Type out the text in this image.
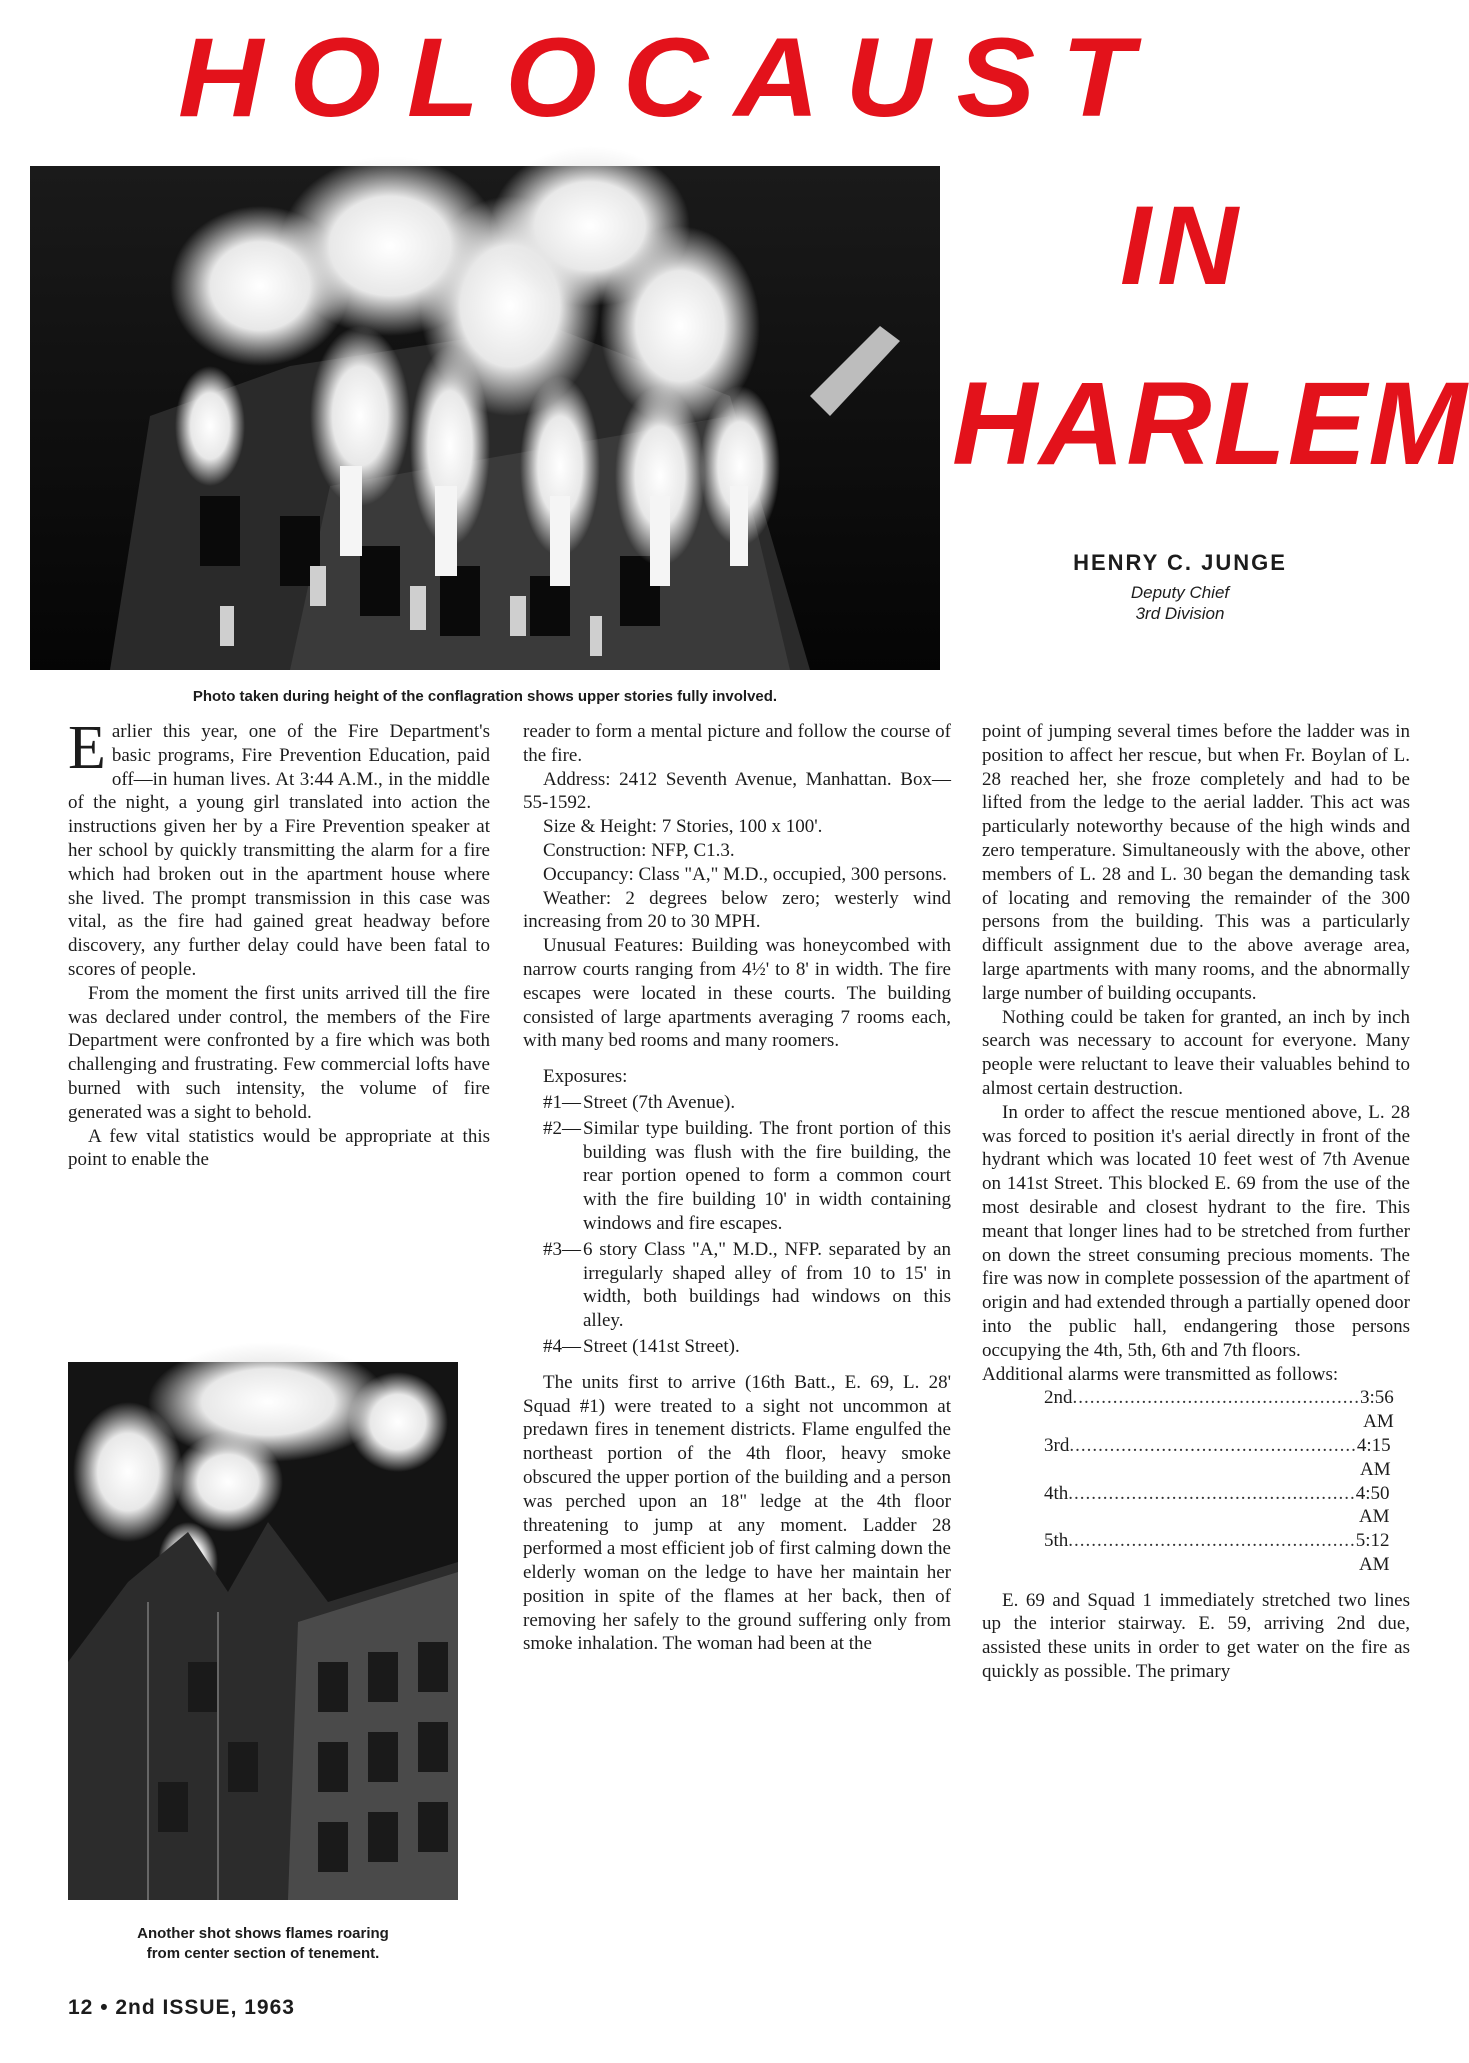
HOLOCAUST
IN
HARLEM
HENRY C. JUNGE
Deputy Chief
3rd Division
Photo taken during height of the conflagration shows upper stories fully involved.

Earlier this year, one of the Fire Department's basic programs, Fire Prevention Education, paid off—in human lives. At 3:44 A.M., in the middle of the night, a young girl translated into action the instructions given her by a Fire Prevention speaker at her school by quickly transmitting the alarm for a fire which had broken out in the apartment house where she lived. The prompt transmission in this case was vital, as the fire had gained great headway before discovery, any further delay could have been fatal to scores of people.

From the moment the first units arrived till the fire was declared under control, the members of the Fire Department were confronted by a fire which was both challenging and frustrating. Few commercial lofts have burned with such intensity, the volume of fire generated was a sight to behold.

A few vital statistics would be appropriate at this point to enable the

Another shot shows flames roaring
from center section of tenement.

reader to form a mental picture and follow the course of the fire.

Address: 2412 Seventh Avenue, Manhattan. Box—55-1592.

Size & Height: 7 Stories, 100 x 100'.

Construction: NFP, C1.3.

Occupancy: Class "A," M.D., occupied, 300 persons.

Weather: 2 degrees below zero; westerly wind increasing from 20 to 30 MPH.

Unusual Features: Building was honeycombed with narrow courts ranging from 4½' to 8' in width. The fire escapes were located in these courts. The building consisted of large apartments averaging 7 rooms each, with many bed rooms and many roomers.

Exposures:

#1— Street (7th Avenue).
#2— Similar type building. The front portion of this building was flush with the fire building, the rear portion opened to form a common court with the fire building 10' in width containing windows and fire escapes.
#3— 6 story Class "A," M.D., NFP. separated by an irregularly shaped alley of from 10 to 15' in width, both buildings had windows on this alley.
#4— Street (141st Street).

The units first to arrive (16th Batt., E. 69, L. 28' Squad #1) were treated to a sight not uncommon at predawn fires in tenement districts. Flame engulfed the northeast portion of the 4th floor, heavy smoke obscured the upper portion of the building and a person was perched upon an 18" ledge at the 4th floor threatening to jump at any moment. Ladder 28 performed a most efficient job of first calming down the elderly woman on the ledge to have her maintain her position in spite of the flames at her back, then of removing her safely to the ground suffering only from smoke inhalation. The woman had been at the

point of jumping several times before the ladder was in position to affect her rescue, but when Fr. Boylan of L. 28 reached her, she froze completely and had to be lifted from the ledge to the aerial ladder. This act was particularly noteworthy because of the high winds and zero temperature. Simultaneously with the above, other members of L. 28 and L. 30 began the demanding task of locating and removing the remainder of the 300 persons from the building. This was a particularly difficult assignment due to the above average area, large apartments with many rooms, and the abnormally large number of building occupants.

Nothing could be taken for granted, an inch by inch search was necessary to account for everyone. Many people were reluctant to leave their valuables behind to almost certain destruction.

In order to affect the rescue mentioned above, L. 28 was forced to position it's aerial directly in front of the hydrant which was located 10 feet west of 7th Avenue on 141st Street. This blocked E. 69 from the use of the most desirable and closest hydrant to the fire. This meant that longer lines had to be stretched from further on down the street consuming precious moments. The fire was now in complete possession of the apartment of origin and had extended through a partially opened door into the public hall, endangering those persons occupying the 4th, 5th, 6th and 7th floors.

Additional alarms were transmitted as follows:

2nd .................................................. 3:56 AM
3rd .................................................. 4:15 AM
4th .................................................. 4:50 AM
5th .................................................. 5:12 AM

E. 69 and Squad 1 immediately stretched two lines up the interior stairway. E. 59, arriving 2nd due, assisted these units in order to get water on the fire as quickly as possible. The primary

12 • 2nd ISSUE, 1963
